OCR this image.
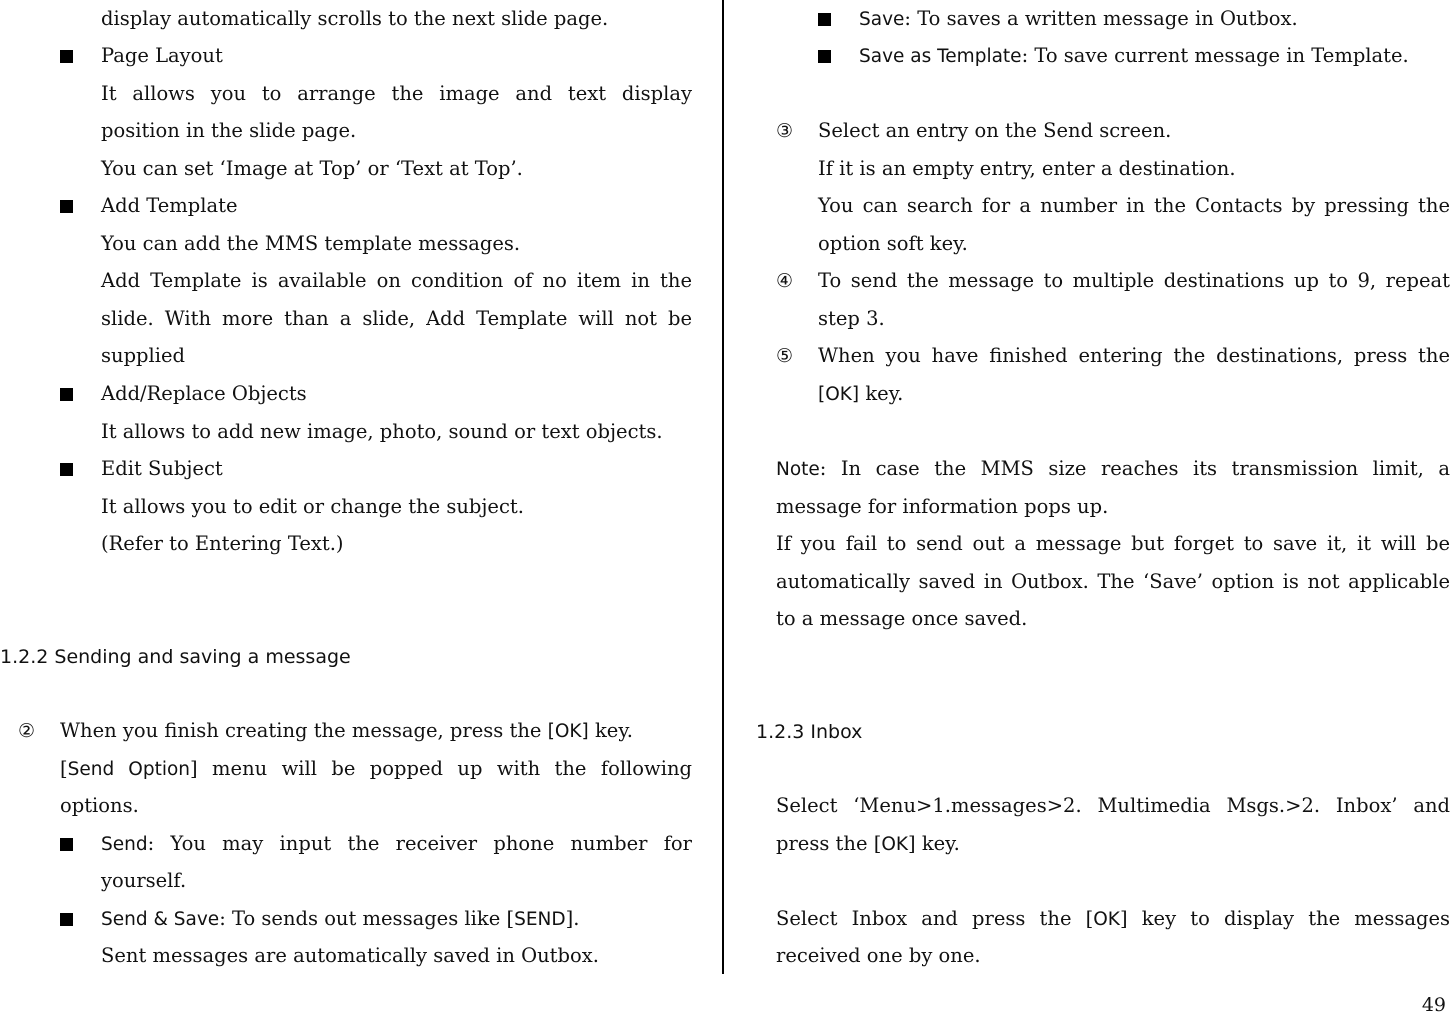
display automatically scrolls to the next slide page.
Page Layout
It allows you to arrange the image and text display
position in the slide page.
You can set ‘Image at Top’ or ‘Text at Top’.
Add Template
You can add the MMS template messages.
Add Template is available on condition of no item in the
slide. With more than a slide, Add Template will not be
supplied
Add/Replace Objects
It allows to add new image, photo, sound or text objects.
Edit Subject
It allows you to edit or change the subject.
(Refer to Entering Text.)
1.2.2 Sending and saving a message
② When you finish creating the message, press the [OK] key.
[Send Option] menu will be popped up with the following
options.
Send: You may input the receiver phone number for
yourself.
Send & Save: To sends out messages like [SEND].
Sent messages are automatically saved in Outbox.
Save: To saves a written message in Outbox.
Save as Template: To save current message in Template.
③ Select an entry on the Send screen.
If it is an empty entry, enter a destination.
You can search for a number in the Contacts by pressing the
option soft key.
④ To send the message to multiple destinations up to 9, repeat
step 3.
⑤ When you have finished entering the destinations, press the
[OK] key.
Note: In case the MMS size reaches its transmission limit, a
message for information pops up.
If you fail to send out a message but forget to save it, it will be
automatically saved in Outbox. The ‘Save’ option is not applicable
to a message once saved.
1.2.3 Inbox
Select ‘Menu>1.messages>2. Multimedia Msgs.>2. Inbox’ and
press the [OK] key.
Select Inbox and press the [OK] key to display the messages
received one by one.
49
